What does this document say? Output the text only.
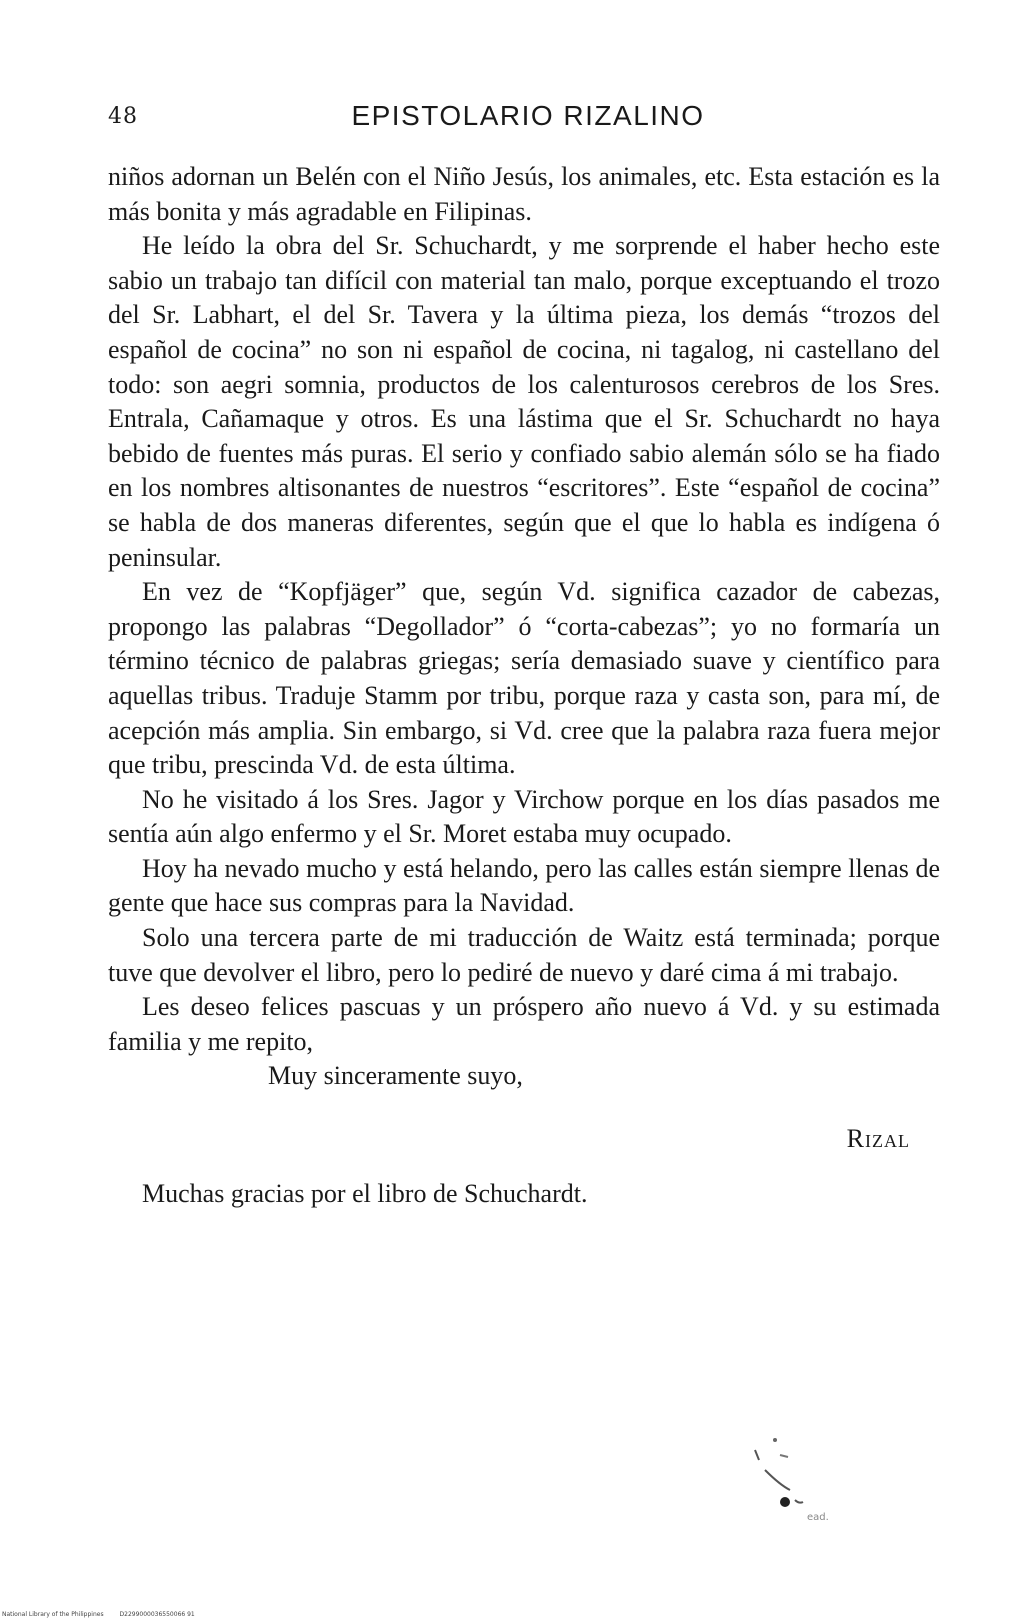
48	EPISTOLARIO RIZALINO

niños adornan un Belén con el Niño Jesús, los animales, etc. Esta estación es la más bonita y más agradable en Filipinas.

He leído la obra del Sr. Schuchardt, y me sorprende el haber hecho este sabio un trabajo tan difícil con material tan malo, porque exceptuando el trozo del Sr. Labhart, el del Sr. Tavera y la última pieza, los demás “trozos del español de cocina” no son ni español de cocina, ni tagalog, ni castellano del todo: son aegri somnia, productos de los calenturosos cerebros de los Sres. Entrala, Cañamaque y otros. Es una lástima que el Sr. Schuchardt no haya bebido de fuentes más puras. El serio y confiado sabio alemán sólo se ha fiado en los nombres altisonantes de nuestros “escritores”. Este “español de cocina” se habla de dos maneras diferentes, según que el que lo habla es indígena ó peninsular.

En vez de “Kopfjäger” que, según Vd. significa cazador de cabezas, propongo las palabras “Degollador” ó “corta-cabezas”; yo no formaría un término técnico de palabras griegas; sería demasiado suave y científico para aquellas tribus. Traduje Stamm por tribu, porque raza y casta son, para mí, de acepción más amplia. Sin embargo, si Vd. cree que la palabra raza fuera mejor que tribu, prescinda Vd. de esta última.

No he visitado á los Sres. Jagor y Virchow porque en los días pasados me sentía aún algo enfermo y el Sr. Moret estaba muy ocupado.

Hoy ha nevado mucho y está helando, pero las calles están siempre llenas de gente que hace sus compras para la Navidad.

Solo una tercera parte de mi traducción de Waitz está terminada; porque tuve que devolver el libro, pero lo pediré de nuevo y daré cima á mi trabajo.

Les deseo felices pascuas y un próspero año nuevo á Vd. y su estimada familia y me repito,

Muy sinceramente suyo,

Rizal

Muchas gracias por el libro de Schuchardt.

ead.
National Library of the Philippines	D2299000036550066 91
